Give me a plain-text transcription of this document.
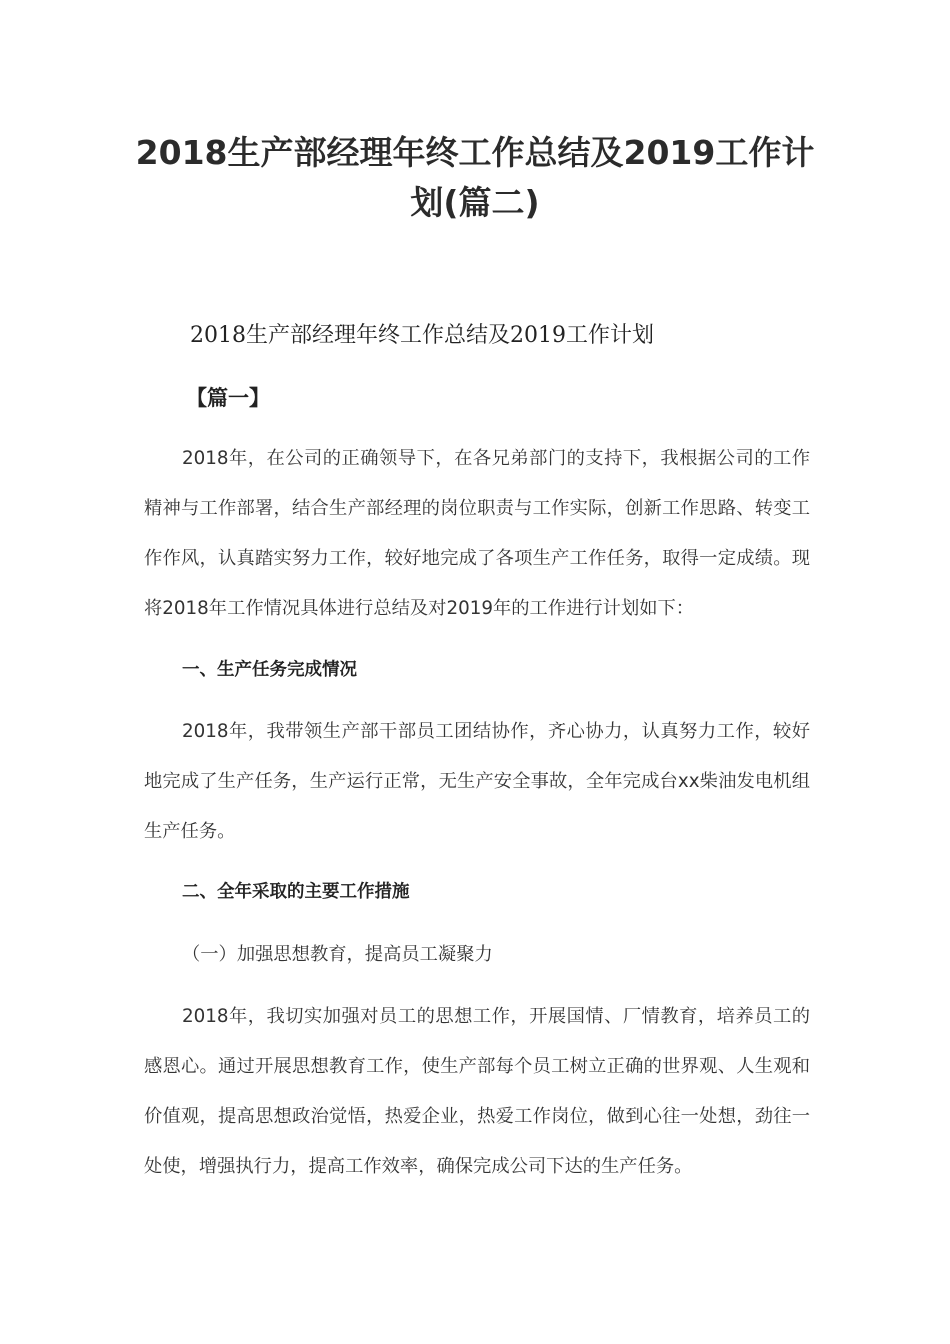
2018生产部经理年终工作总结及2019工作计划(篇二)
2018生产部经理年终工作总结及2019工作计划
【篇一】

2018年，在公司的正确领导下，在各兄弟部门的支持下，我根据公司的工作精神与工作部署，结合生产部经理的岗位职责与工作实际，创新工作思路、转变工作作风，认真踏实努力工作，较好地完成了各项生产工作任务，取得一定成绩。现将2018年工作情况具体进行总结及对2019年的工作进行计划如下：

一、生产任务完成情况

2018年，我带领生产部干部员工团结协作，齐心协力，认真努力工作，较好地完成了生产任务，生产运行正常，无生产安全事故，全年完成台xx柴油发电机组生产任务。

二、全年采取的主要工作措施
（一）加强思想教育，提高员工凝聚力

2018年，我切实加强对员工的思想工作，开展国情、厂情教育，培养员工的感恩心。通过开展思想教育工作，使生产部每个员工树立正确的世界观、人生观和价值观，提高思想政治觉悟，热爱企业，热爱工作岗位，做到心往一处想，劲往一处使，增强执行力，提高工作效率，确保完成公司下达的生产任务。
